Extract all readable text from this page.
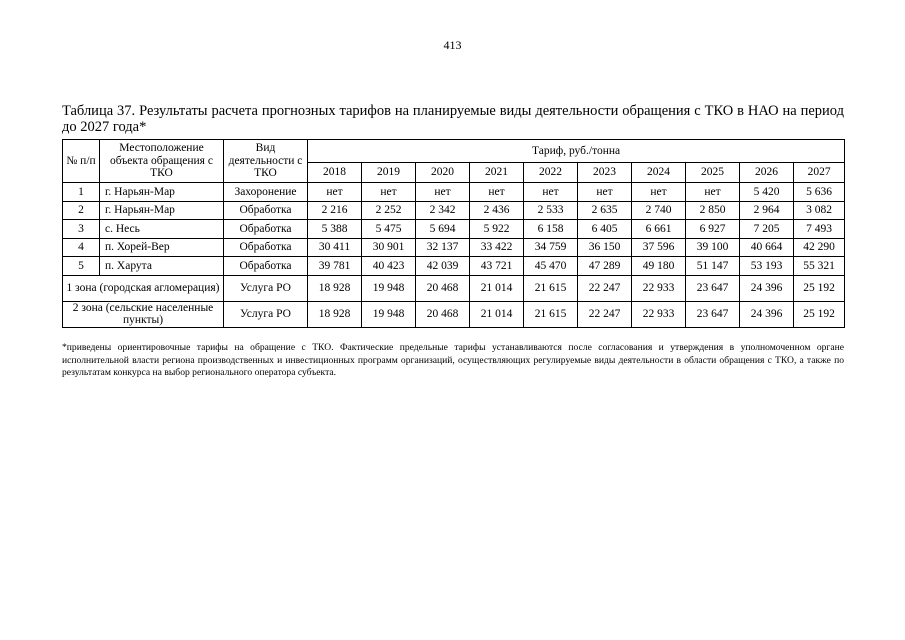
413
Таблица 37. Результаты расчета прогнозных тарифов на планируемые виды деятельности обращения с ТКО в НАО на период до 2027 года*
№ п/п	Местоположение объекта обращения с ТКО	Вид деятельности с ТКО	Тариф, руб./тонна									
			2018	2019	2020	2021	2022	2023	2024	2025	2026	2027
1	г. Нарьян-Мар	Захоронение	нет	нет	нет	нет	нет	нет	нет	нет	5 420	5 636
2	г. Нарьян-Мар	Обработка	2 216	2 252	2 342	2 436	2 533	2 635	2 740	2 850	2 964	3 082
3	с. Несь	Обработка	5 388	5 475	5 694	5 922	6 158	6 405	6 661	6 927	7 205	7 493
4	п. Хорей-Вер	Обработка	30 411	30 901	32 137	33 422	34 759	36 150	37 596	39 100	40 664	42 290
5	п. Харута	Обработка	39 781	40 423	42 039	43 721	45 470	47 289	49 180	51 147	53 193	55 321
1 зона (городская агломерация)		Услуга РО	18 928	19 948	20 468	21 014	21 615	22 247	22 933	23 647	24 396	25 192
2 зона (сельские населенные пункты)		Услуга РО	18 928	19 948	20 468	21 014	21 615	22 247	22 933	23 647	24 396	25 192
*приведены ориентировочные тарифы на обращение с ТКО. Фактические предельные тарифы устанавливаются после согласования и утверждения в уполномоченном органе исполнительной власти региона производственных и инвестиционных программ организаций, осуществляющих регулируемые виды деятельности в области обращения с ТКО, а также по результатам конкурса на выбор регионального оператора субъекта.
